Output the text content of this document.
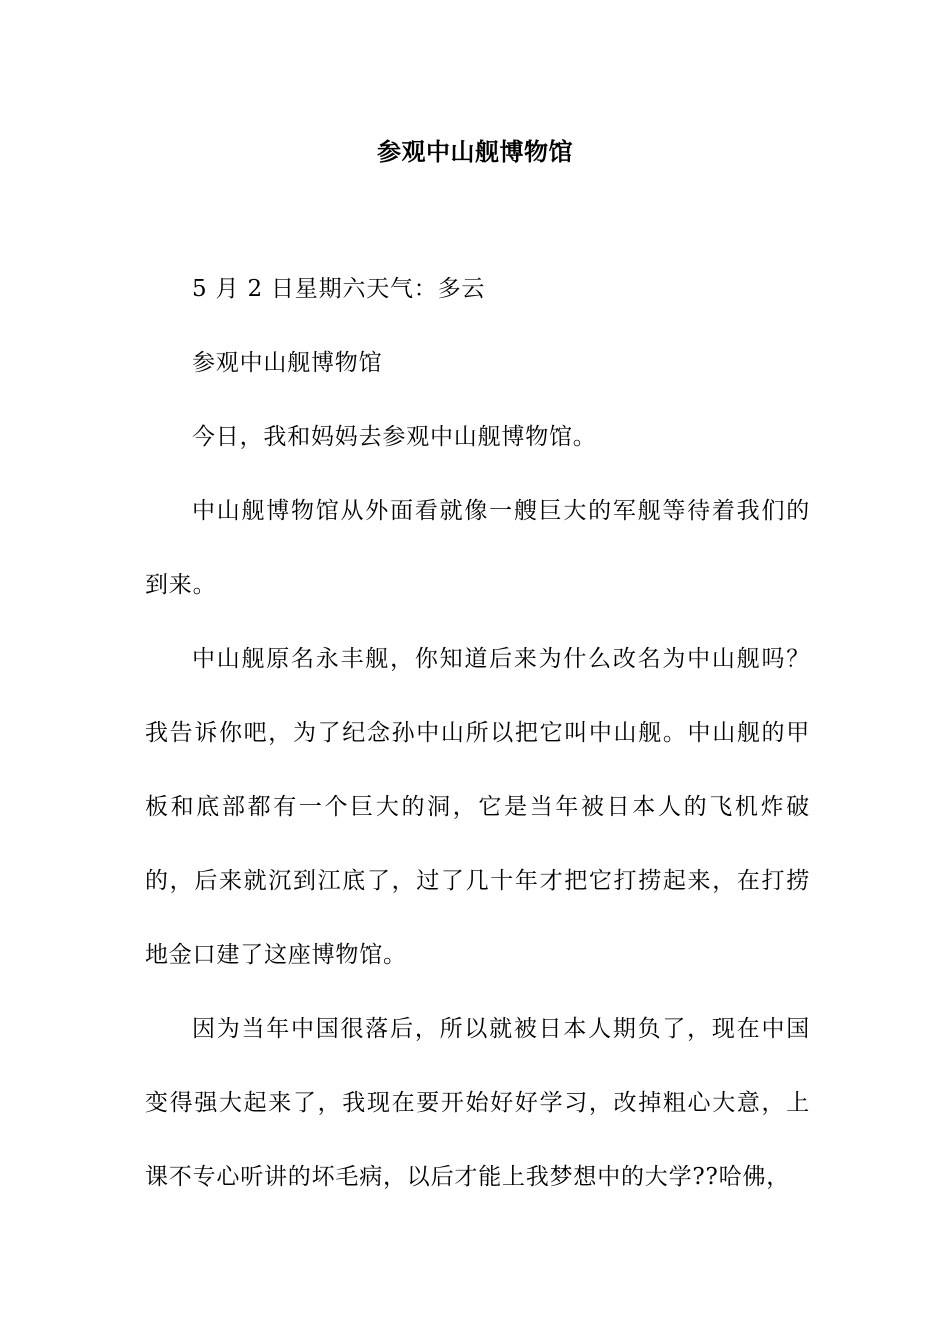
参观中山舰博物馆

5 月 2 日星期六天气：多云

参观中山舰博物馆

今日，我和妈妈去参观中山舰博物馆。

中山舰博物馆从外面看就像一艘巨大的军舰等待着我们的到来。

中山舰原名永丰舰，你知道后来为什么改名为中山舰吗？我告诉你吧，为了纪念孙中山所以把它叫中山舰。中山舰的甲板和底部都有一个巨大的洞，它是当年被日本人的飞机炸破的，后来就沉到江底了，过了几十年才把它打捞起来，在打捞地金口建了这座博物馆。

因为当年中国很落后，所以就被日本人期负了，现在中国变得强大起来了，我现在要开始好好学习，改掉粗心大意，上课不专心听讲的坏毛病，以后才能上我梦想中的大学??哈佛，
